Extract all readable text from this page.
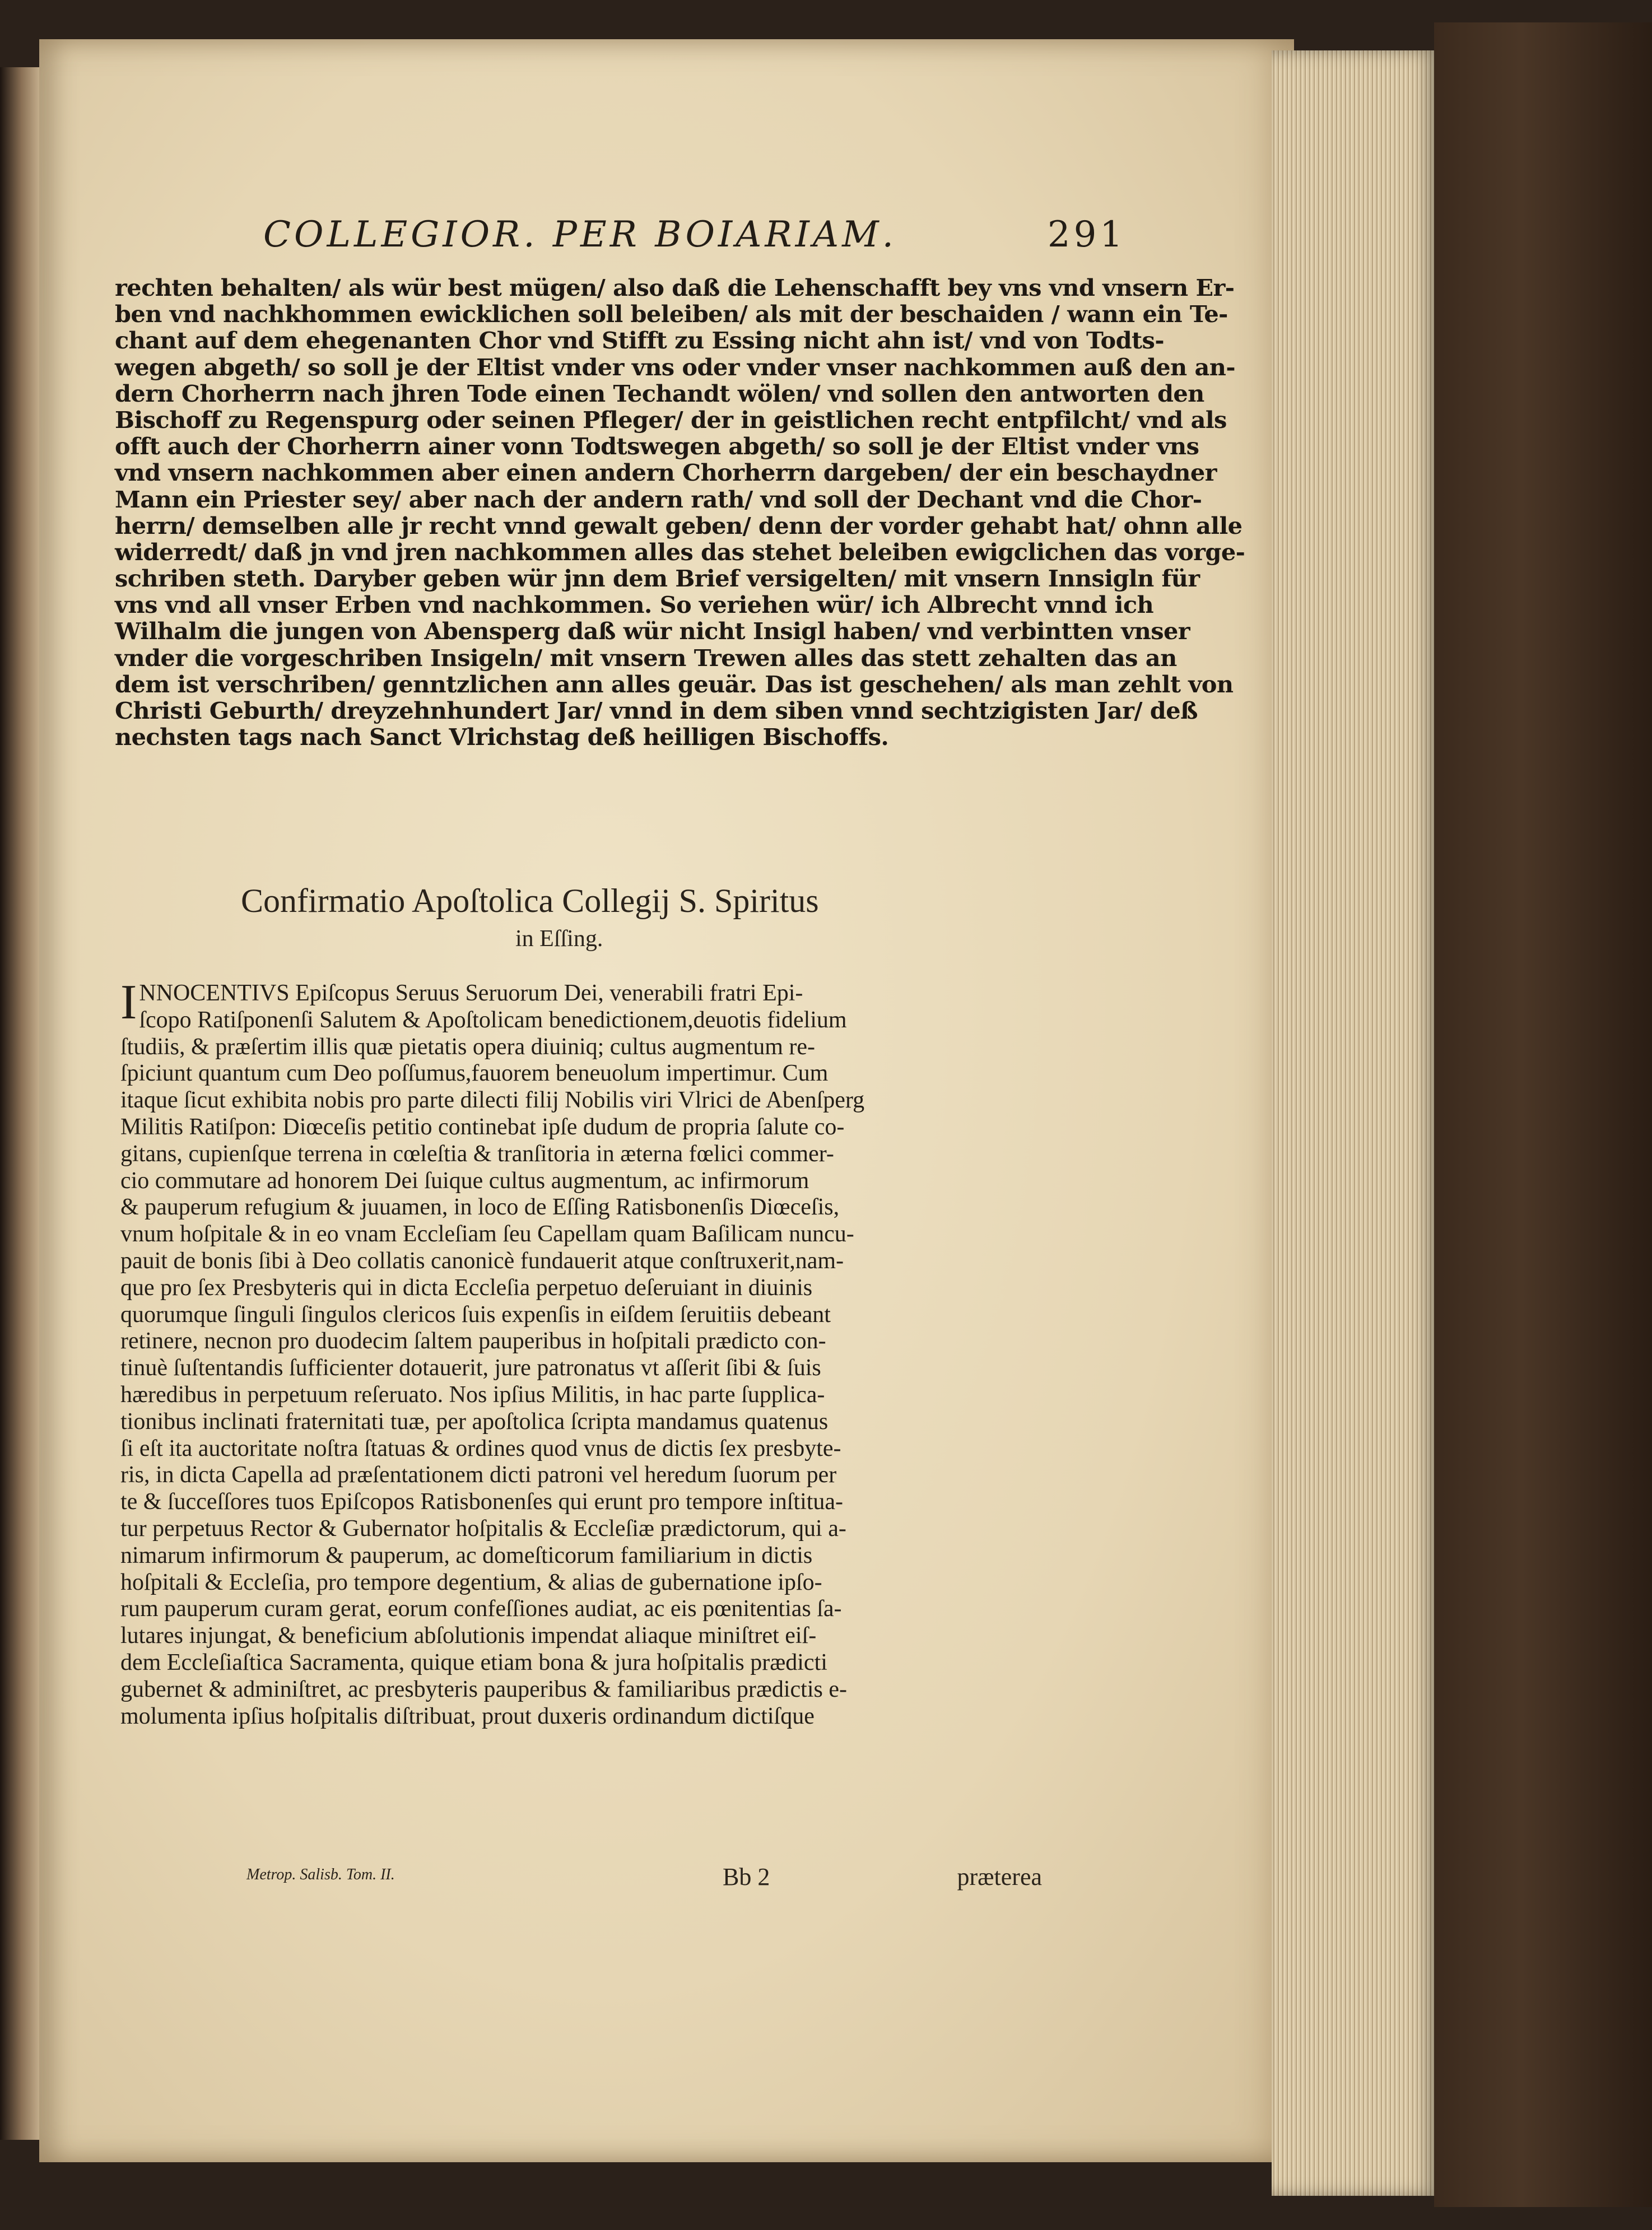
COLLEGIOR. PER BOIARIAM.	291
rechten behalten/ als wür best mügen/ also daß die Lehenschafft bey vns vnd vnsern Er-
ben vnd nachkhommen ewicklichen soll beleiben/ als mit der beschaiden / wann ein Te-
chant auf dem ehegenanten Chor vnd Stifft zu Essing nicht ahn ist/ vnd von Todts-
wegen abgeth/ so soll je der Eltist vnder vns oder vnder vnser nachkommen auß den an-
dern Chorherrn nach jhren Tode einen Techandt wölen/ vnd sollen den antworten den
Bischoff zu Regenspurg oder seinen Pfleger/ der in geistlichen recht entpfilcht/ vnd als
offt auch der Chorherrn ainer vonn Todtswegen abgeth/ so soll je der Eltist vnder vns
vnd vnsern nachkommen aber einen andern Chorherrn dargeben/ der ein beschaydner
Mann ein Priester sey/ aber nach der andern rath/ vnd soll der Dechant vnd die Chor-
herrn/ demselben alle jr recht vnnd gewalt geben/ denn der vorder gehabt hat/ ohnn alle
widerredt/ daß jn vnd jren nachkommen alles das stehet beleiben ewigclichen das vorge-
schriben steth. Daryber geben wür jnn dem Brief versigelten/ mit vnsern Innsigln für
vns vnd all vnser Erben vnd nachkommen. So veriehen wür/ ich Albrecht vnnd ich
Wilhalm die jungen von Abensperg daß wür nicht Insigl haben/ vnd verbintten vnser
vnder die vorgeschriben Insigeln/ mit vnsern Trewen alles das stett zehalten das an
dem ist verschriben/ genntzlichen ann alles geuär. Das ist geschehen/ als man zehlt von
Christi Geburth/ dreyzehnhundert Jar/ vnnd in dem siben vnnd sechtzigisten Jar/ deß
nechsten tags nach Sanct Vlrichstag deß heilligen Bischoffs.
Confirmatio Apoſtolica Collegij S. Spiritus
in Eſſing.
INNOCENTIVS Epiſcopus Seruus Seruorum Dei, venerabili fratri Epi-
ſcopo Ratiſponenſi Salutem & Apoſtolicam benedictionem,deuotis fidelium
ſtudiis, & præſertim illis quæ pietatis opera diuiniq; cultus augmentum re-
ſpiciunt quantum cum Deo poſſumus,fauorem beneuolum impertimur. Cum
itaque ſicut exhibita nobis pro parte dilecti filij Nobilis viri Vlrici de Abenſperg
Militis Ratiſpon: Diœceſis petitio continebat ipſe dudum de propria ſalute co-
gitans, cupienſque terrena in cœleſtia & tranſitoria in æterna fœlici commer-
cio commutare ad honorem Dei ſuique cultus augmentum, ac infirmorum
& pauperum refugium & juuamen, in loco de Eſſing Ratisbonenſis Diœceſis,
vnum hoſpitale & in eo vnam Eccleſiam ſeu Capellam quam Baſilicam nuncu-
pauit de bonis ſibi à Deo collatis canonicè fundauerit atque conſtruxerit,nam-
que pro ſex Presbyteris qui in dicta Eccleſia perpetuo deſeruiant in diuinis
quorumque ſinguli ſingulos clericos ſuis expenſis in eiſdem ſeruitiis debeant
retinere, necnon pro duodecim ſaltem pauperibus in hoſpitali prædicto con-
tinuè ſuſtentandis ſufficienter dotauerit, jure patronatus vt aſſerit ſibi & ſuis
hæredibus in perpetuum reſeruato. Nos ipſius Militis, in hac parte ſupplica-
tionibus inclinati fraternitati tuæ, per apoſtolica ſcripta mandamus quatenus
ſi eſt ita auctoritate noſtra ſtatuas & ordines quod vnus de dictis ſex presbyte-
ris, in dicta Capella ad præſentationem dicti patroni vel heredum ſuorum per
te & ſucceſſores tuos Epiſcopos Ratisbonenſes qui erunt pro tempore inſtitua-
tur perpetuus Rector & Gubernator hoſpitalis & Eccleſiæ prædictorum, qui a-
nimarum infirmorum & pauperum, ac domeſticorum familiarium in dictis
hoſpitali & Eccleſia, pro tempore degentium, & alias de gubernatione ipſo-
rum pauperum curam gerat, eorum confeſſiones audiat, ac eis pœnitentias ſa-
lutares injungat, & beneficium abſolutionis impendat aliaque miniſtret eiſ-
dem Eccleſiaſtica Sacramenta, quique etiam bona & jura hoſpitalis prædicti
gubernet & adminiſtret, ac presbyteris pauperibus & familiaribus prædictis e-
molumenta ipſius hoſpitalis diſtribuat, prout duxeris ordinandum dictiſque
Metrop. Salisb. Tom. II.	Bb 2	præterea
